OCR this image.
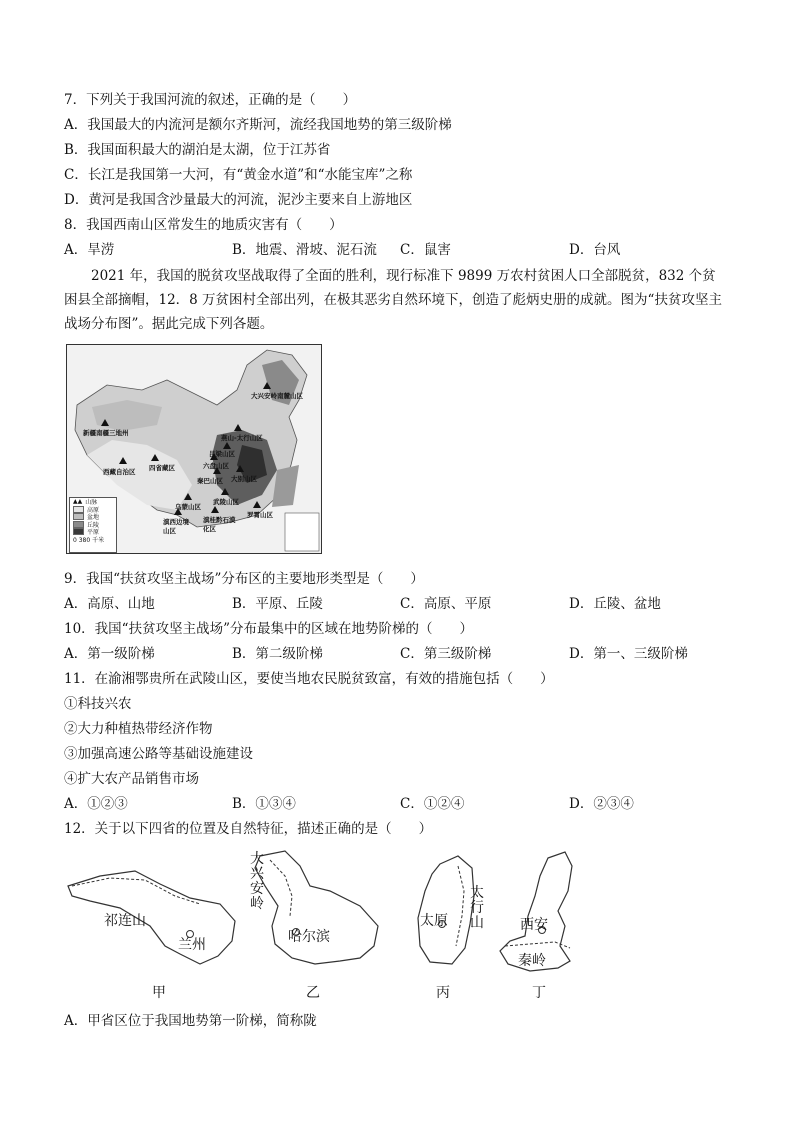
7．下列关于我国河流的叙述，正确的是（　　）
A．我国最大的内流河是额尔齐斯河，流经我国地势的第三级阶梯
B．我国面积最大的湖泊是太湖，位于江苏省
C．长江是我国第一大河，有“黄金水道”和“水能宝库”之称
D．黄河是我国含沙量最大的河流，泥沙主要来自上游地区
8．我国西南山区常发生的地质灾害有（　　）
A．旱涝	B．地震、滑坡、泥石流 C．鼠害	D．台风
2021 年，我国的脱贫攻坚战取得了全面的胜利，现行标准下 9899 万农村贫困人口全部脱贫，832 个贫困县全部摘帽，12．8 万贫困村全部出列，在极其恶劣自然环境下，创造了彪炳史册的成就。图为“扶贫攻坚主战场分布图”。据此完成下列各题。
大兴安岭南麓山区
新疆南疆三地州
燕山-太行山区
吕梁山区
六盘山区
四省藏区
西藏自治区
秦巴山区 大别山区
乌蒙山区
武陵山区
滇西边境山区
滇桂黔石漠化区
罗霄山区
▲▲ 山脉
高原
盆地
丘陵
平原
0 380 千米
9．我国“扶贫攻坚主战场”分布区的主要地形类型是（　　）
A．高原、山地	B．平原、丘陵	C．高原、平原	D．丘陵、盆地
10．我国“扶贫攻坚主战场”分布最集中的区域在地势阶梯的（　　）
A．第一级阶梯	B．第二级阶梯	C．第三级阶梯	D．第一、三级阶梯
11．在渝湘鄂贵所在武陵山区，要使当地农民脱贫致富，有效的措施包括（　　）
①科技兴农
②大力种植热带经济作物
③加强高速公路等基础设施建设
④扩大农产品销售市场
A．①②③	B．①③④	C．①②④	D．②③④
12．关于以下四省的位置及自然特征，描述正确的是（　　）
祁连山
兰州
甲
大兴安岭
哈尔滨
乙
太行山
太原
丙
西安
秦岭
丁
A．甲省区位于我国地势第一阶梯，简称陇
